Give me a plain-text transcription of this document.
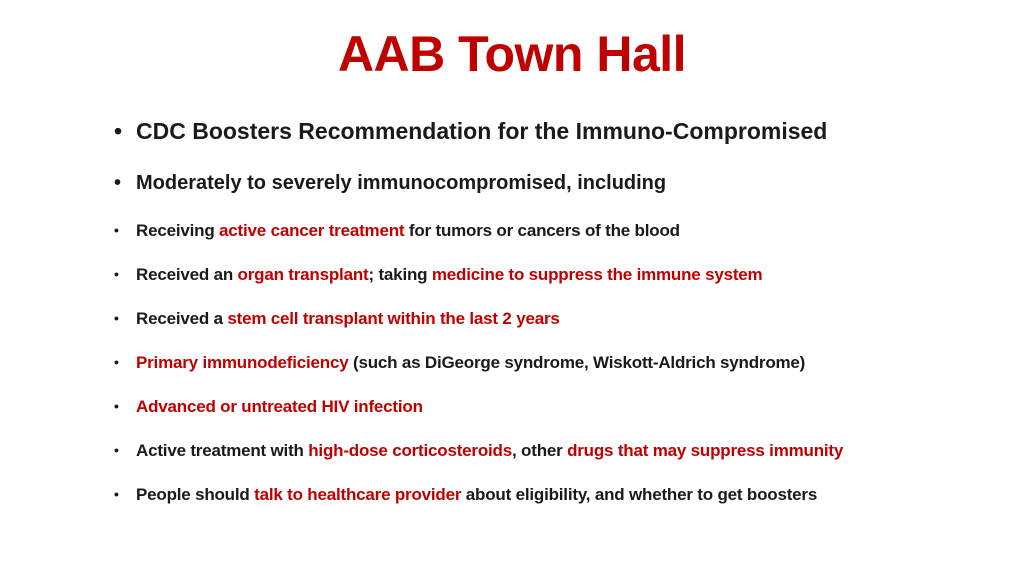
AAB Town Hall
• CDC Boosters Recommendation for the Immuno-Compromised
• Moderately to severely immunocompromised, including
• Receiving active cancer treatment for tumors or cancers of the blood
• Received an organ transplant; taking medicine to suppress the immune system
• Received a stem cell transplant within the last 2 years
• Primary immunodeficiency (such as DiGeorge syndrome, Wiskott-Aldrich syndrome)
• Advanced or untreated HIV infection
• Active treatment with high-dose corticosteroids, other drugs that may suppress immunity
• People should talk to healthcare provider about eligibility, and whether to get boosters
